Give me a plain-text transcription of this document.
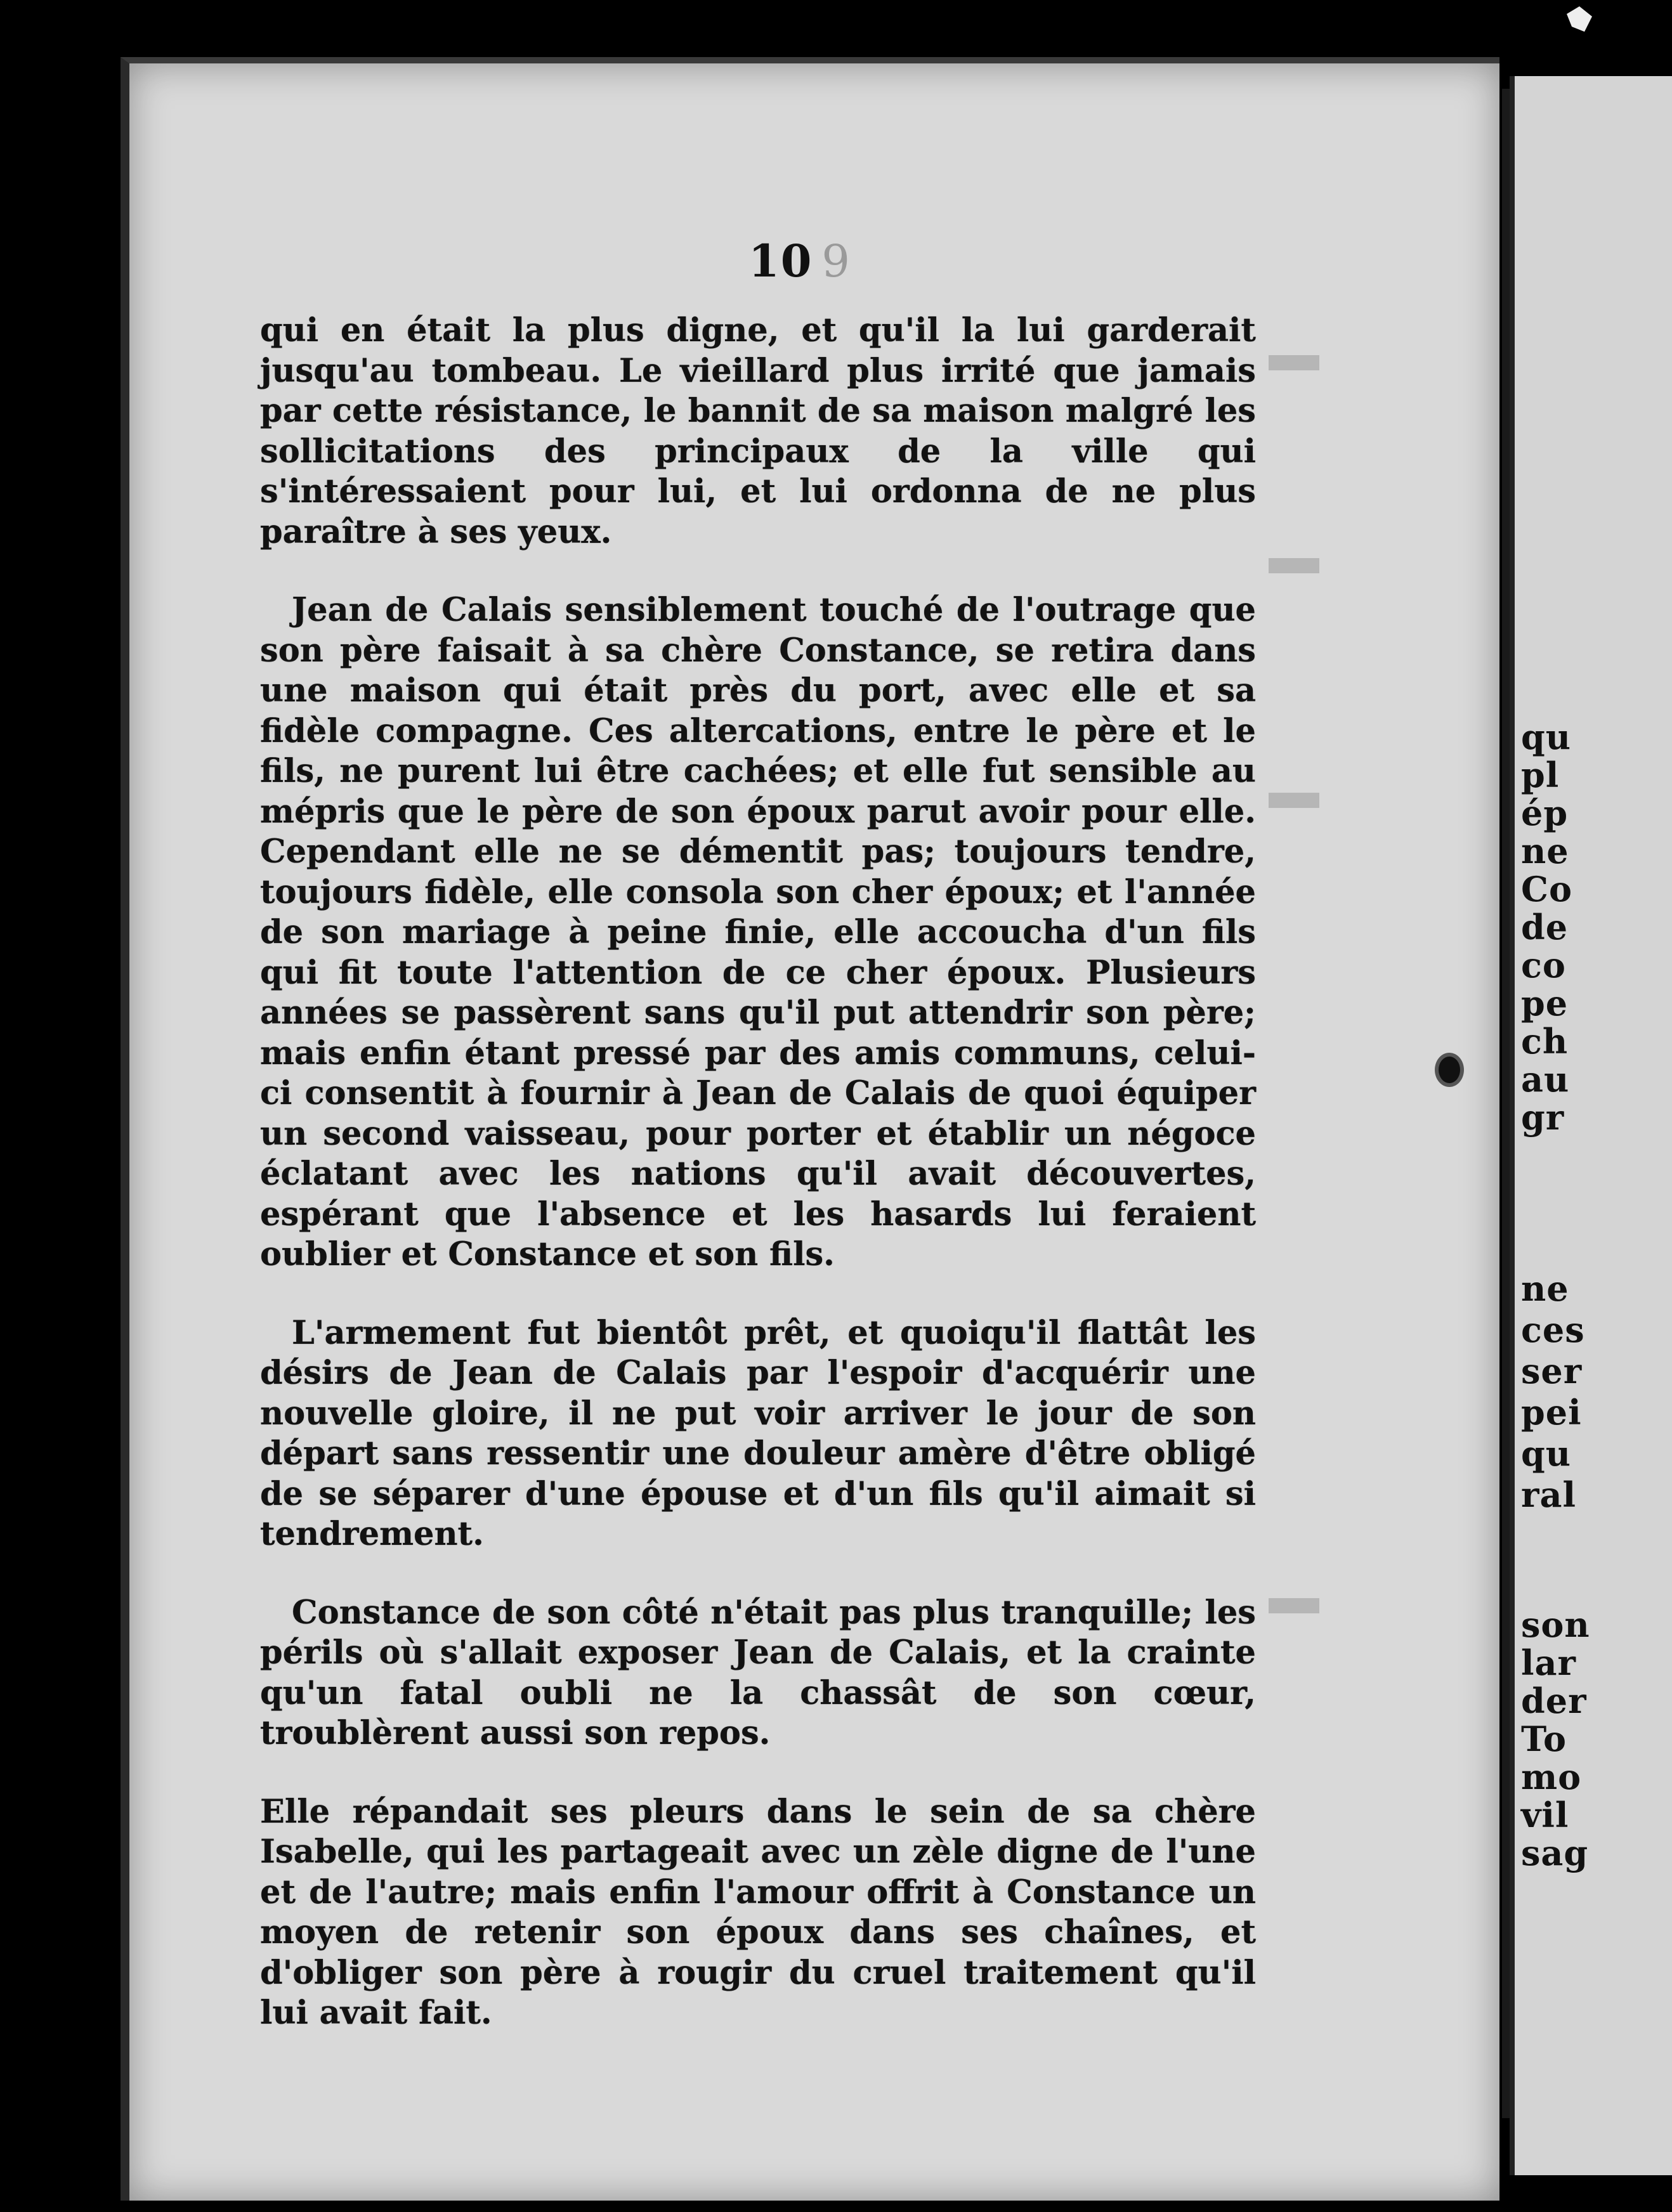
10 9

qui en était la plus digne, et qu'il la lui garderait jusqu'au tombeau. Le vieillard plus irrité que jamais par cette résistance, le bannit de sa maison malgré les sollicitations des principaux de la ville qui s'intéressaient pour lui, et lui ordonna de ne plus paraître à ses yeux.

Jean de Calais sensiblement touché de l'outrage que son père faisait à sa chère Constance, se retira dans une maison qui était près du port, avec elle et sa fidèle compagne. Ces altercations, entre le père et le fils, ne purent lui être cachées; et elle fut sensible au mépris que le père de son époux parut avoir pour elle. Cependant elle ne se démentit pas; toujours tendre, toujours fidèle, elle consola son cher époux; et l'année de son mariage à peine finie, elle accoucha d'un fils qui fit toute l'attention de ce cher époux. Plusieurs années se passèrent sans qu'il put attendrir son père; mais enfin étant pressé par des amis communs, celui-ci consentit à fournir à Jean de Calais de quoi équiper un second vaisseau, pour porter et établir un négoce éclatant avec les nations qu'il avait découvertes, espérant que l'absence et les hasards lui feraient oublier et Constance et son fils.

L'armement fut bientôt prêt, et quoiqu'il flattât les désirs de Jean de Calais par l'espoir d'acquérir une nouvelle gloire, il ne put voir arriver le jour de son départ sans ressentir une douleur amère d'être obligé de se séparer d'une épouse et d'un fils qu'il aimait si tendrement.

Constance de son côté n'était pas plus tranquille; les périls où s'allait exposer Jean de Calais, et la crainte qu'un fatal oubli ne la chassât de son cœur, troublèrent aussi son repos.

Elle répandait ses pleurs dans le sein de sa chère Isabelle, qui les partageait avec un zèle digne de l'une et de l'autre; mais enfin l'amour offrit à Constance un moyen de retenir son époux dans ses chaînes, et d'obliger son père à rougir du cruel traitement qu'il lui avait fait.

qu
pl
ép
ne
Co
de
co
pe
ch
au
gr
ne
ces
ser
pei
qu
ral
son
lar
der
To
mo
vil
sag
